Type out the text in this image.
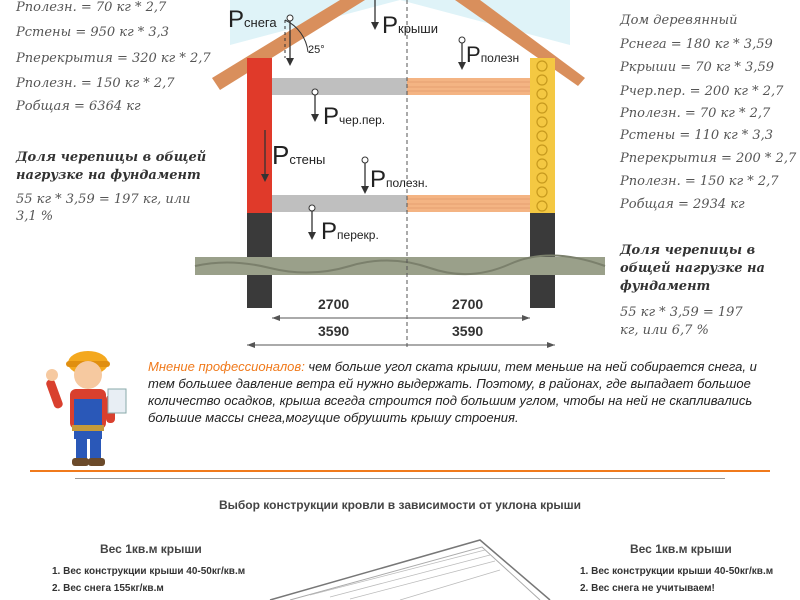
Pполезн. = 70 кг * 2,7
Pстены = 950 кг * 3,3
Pперекрытия = 320 кг * 2,7
Pполезн. = 150 кг * 2,7
Pобщая = 6364 кг
Доля черепицы в общей
нагрузке на фундамент
55 кг * 3,59 = 197 кг, или
3,1 %
Дом деревянный
Pснега = 180 кг * 3,59
Pкрыши = 70 кг * 3,59
Pчер.пер. = 200 кг * 2,7
Pполезн. = 70 кг * 2,7
Pстены = 110 кг * 3,3
Pперекрытия = 200 * 2,7
Pполезн. = 150 кг * 2,7
Pобщая = 2934 кг
Доля черепицы в
общей нагрузке на
фундамент
55 кг * 3,59 = 197
кг, или 6,7 %
Pснега	Pкрыши
Pполезн
25°
Pчер.пер.
Pстены
Pполезн.
Pперекр.
2700	2700
3590	3590
Мнение профессионалов: чем больше угол ската крыши, тем меньше на ней собирается снега, и тем большее давление ветра ей нужно выдержать. Поэтому, в районах, где выпадает большое количество осадков, крыша всегда строится под большим углом, чтобы на ней не скапливались большие массы снега,могущие обрушить крышу строения.
Выбор конструкции кровли в зависимости от уклона крыши
Вес 1кв.м крыши
1. Вес конструкции крыши 40-50кг/кв.м
2. Вес снега 155кг/кв.м
Вес 1кв.м крыши
1. Вес конструкции крыши 40-50кг/кв.м
2. Вес снега не учитываем!
